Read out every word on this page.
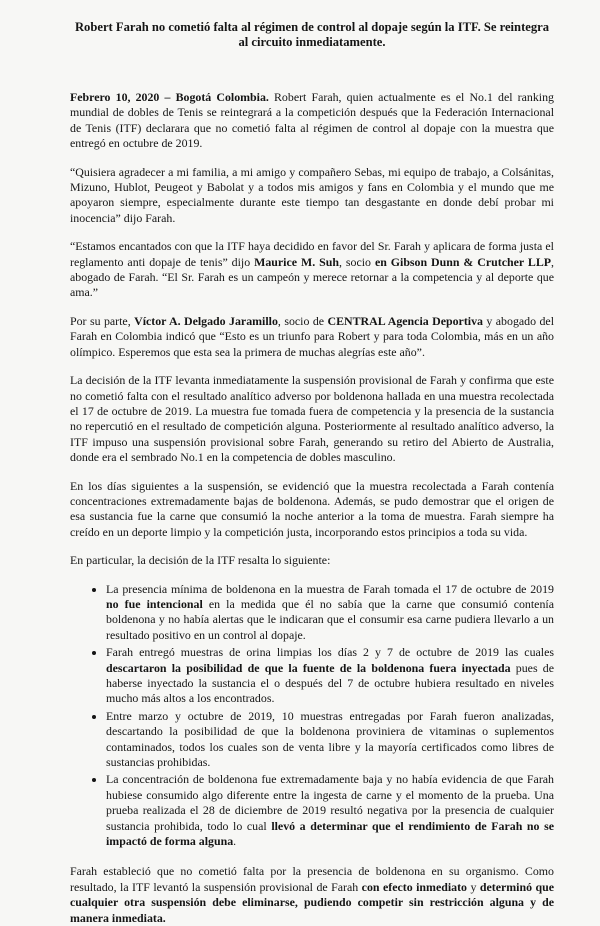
Robert Farah no cometió falta al régimen de control al dopaje según la ITF. Se reintegra al circuito inmediatamente.

Febrero 10, 2020 – Bogotá Colombia. Robert Farah, quien actualmente es el No.1 del ranking mundial de dobles de Tenis se reintegrará a la competición después que la Federación Internacional de Tenis (ITF) declarara que no cometió falta al régimen de control al dopaje con la muestra que entregó en octubre de 2019.

“Quisiera agradecer a mi familia, a mi amigo y compañero Sebas, mi equipo de trabajo, a Colsánitas, Mizuno, Hublot, Peugeot y Babolat y a todos mis amigos y fans en Colombia y el mundo que me apoyaron siempre, especialmente durante este tiempo tan desgastante en donde debí probar mi inocencia” dijo Farah.

“Estamos encantados con que la ITF haya decidido en favor del Sr. Farah y aplicara de forma justa el reglamento anti dopaje de tenis” dijo Maurice M. Suh, socio en Gibson Dunn & Crutcher LLP, abogado de Farah. “El Sr. Farah es un campeón y merece retornar a la competencia y al deporte que ama.”

Por su parte, Víctor A. Delgado Jaramillo, socio de CENTRAL Agencia Deportiva y abogado del Farah en Colombia indicó que “Esto es un triunfo para Robert y para toda Colombia, más en un año olímpico. Esperemos que esta sea la primera de muchas alegrías este año”.

La decisión de la ITF levanta inmediatamente la suspensión provisional de Farah y confirma que este no cometió falta con el resultado analítico adverso por boldenona hallada en una muestra recolectada el 17 de octubre de 2019. La muestra fue tomada fuera de competencia y la presencia de la sustancia no repercutió en el resultado de competición alguna. Posteriormente al resultado analítico adverso, la ITF impuso una suspensión provisional sobre Farah, generando su retiro del Abierto de Australia, donde era el sembrado No.1 en la competencia de dobles masculino.

En los días siguientes a la suspensión, se evidenció que la muestra recolectada a Farah contenía concentraciones extremadamente bajas de boldenona. Además, se pudo demostrar que el origen de esa sustancia fue la carne que consumió la noche anterior a la toma de muestra. Farah siempre ha creído en un deporte limpio y la competición justa, incorporando estos principios a toda su vida.

En particular, la decisión de la ITF resalta lo siguiente:

• La presencia mínima de boldenona en la muestra de Farah tomada el 17 de octubre de 2019 no fue intencional en la medida que él no sabía que la carne que consumió contenía boldenona y no había alertas que le indicaran que el consumir esa carne pudiera llevarlo a un resultado positivo en un control al dopaje.
• Farah entregó muestras de orina limpias los días 2 y 7 de octubre de 2019 las cuales descartaron la posibilidad de que la fuente de la boldenona fuera inyectada pues de haberse inyectado la sustancia el o después del 7 de octubre hubiera resultado en niveles mucho más altos a los encontrados.
• Entre marzo y octubre de 2019, 10 muestras entregadas por Farah fueron analizadas, descartando la posibilidad de que la boldenona proviniera de vitaminas o suplementos contaminados, todos los cuales son de venta libre y la mayoría certificados como libres de sustancias prohibidas.
• La concentración de boldenona fue extremadamente baja y no había evidencia de que Farah hubiese consumido algo diferente entre la ingesta de carne y el momento de la prueba. Una prueba realizada el 28 de diciembre de 2019 resultó negativa por la presencia de cualquier sustancia prohibida, todo lo cual llevó a determinar que el rendimiento de Farah no se impactó de forma alguna.

Farah estableció que no cometió falta por la presencia de boldenona en su organismo. Como resultado, la ITF levantó la suspensión provisional de Farah con efecto inmediato y determinó que cualquier otra suspensión debe eliminarse, pudiendo competir sin restricción alguna y de manera inmediata.
